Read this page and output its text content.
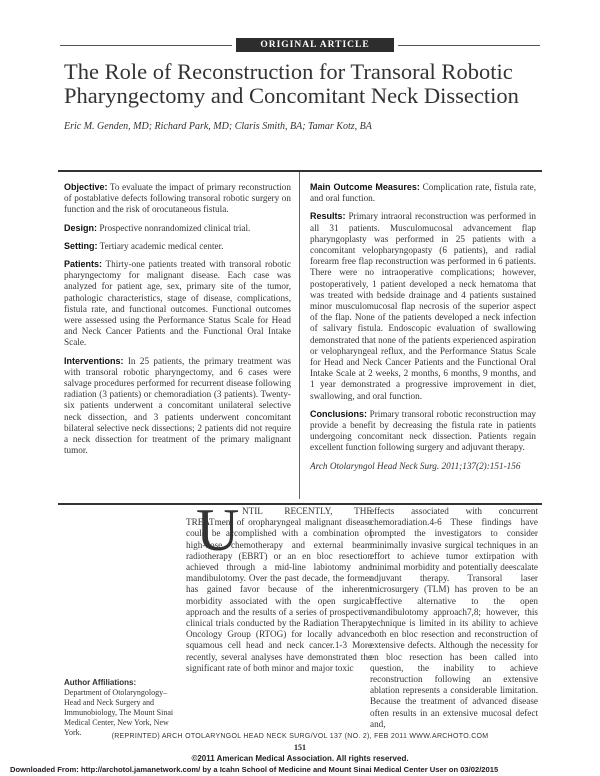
ORIGINAL ARTICLE
The Role of Reconstruction for Transoral Robotic Pharyngectomy and Concomitant Neck Dissection
Eric M. Genden, MD; Richard Park, MD; Claris Smith, BA; Tamar Kotz, BA

Objective: To evaluate the impact of primary reconstruction of postablative defects following transoral robotic surgery on function and the risk of orocutaneous fistula.

Design: Prospective nonrandomized clinical trial.

Setting: Tertiary academic medical center.

Patients: Thirty-one patients treated with transoral robotic pharyngectomy for malignant disease. Each case was analyzed for patient age, sex, primary site of the tumor, pathologic characteristics, stage of disease, complications, fistula rate, and functional outcomes. Functional outcomes were assessed using the Performance Status Scale for Head and Neck Cancer Patients and the Functional Oral Intake Scale.

Interventions: In 25 patients, the primary treatment was with transoral robotic pharyngectomy, and 6 cases were salvage procedures performed for recurrent disease following radiation (3 patients) or chemoradiation (3 patients). Twenty-six patients underwent a concomitant unilateral selective neck dissection, and 3 patients underwent concomitant bilateral selective neck dissections; 2 patients did not require a neck dissection for treatment of the primary malignant tumor.

Main Outcome Measures: Complication rate, fistula rate, and oral function.

Results: Primary intraoral reconstruction was performed in all 31 patients. Musculomucosal advancement flap pharyngoplasty was performed in 25 patients with a concomitant velopharyngopasty (6 patients), and radial forearm free flap reconstruction was performed in 6 patients. There were no intraoperative complications; however, postoperatively, 1 patient developed a neck hematoma that was treated with bedside drainage and 4 patients sustained minor musculomucosal flap necrosis of the superior aspect of the flap. None of the patients developed a neck infection of salivary fistula. Endoscopic evaluation of swallowing demonstrated that none of the patients experienced aspiration or velopharyngeal reflux, and the Performance Status Scale for Head and Neck Cancer Patients and the Functional Oral Intake Scale at 2 weeks, 2 months, 6 months, 9 months, and 1 year demonstrated a progressive improvement in diet, swallowing, and oral function.

Conclusions: Primary transoral robotic reconstruction may provide a benefit by decreasing the fistula rate in patients undergoing concomitant neck dissection. Patients regain excellent function following surgery and adjuvant therapy.

Arch Otolaryngol Head Neck Surg. 2011;137(2):151-156
U NTIL RECENTLY, THE TREATment of oropharyngeal malignant disease could be accomplished with a combination of high-dose chemotherapy and external beam radiotherapy (EBRT) or an en bloc resection achieved through a mid-line labiotomy and mandibulotomy. Over the past decade, the former has gained favor because of the inherent morbidity associated with the open surgical approach and the results of a series of prospective clinical trials conducted by the Radiation Therapy Oncology Group (RTOG) for locally advanced squamous cell head and neck cancer.1-3 More recently, several analyses have demonstrated the significant rate of both minor and major toxic
effects associated with concurrent chemoradiation.4-6 These findings have prompted the investigators to consider minimally invasive surgical techniques in an effort to achieve tumor extirpation with minimal morbidity and potentially deescalate adjuvant therapy. Transoral laser microsurgery (TLM) has proven to be an effective alternative to the open mandibulotomy approach7,8; however, this technique is limited in its ability to achieve both en bloc resection and reconstruction of extensive defects. Although the necessity for en bloc resection has been called into question, the inability to achieve reconstruction following an extensive ablation represents a considerable limitation. Because the treatment of advanced disease often results in an extensive mucosal defect and,
Author Affiliations:
Department of Otolaryngology–Head and Neck Surgery and Immunobiology, The Mount Sinai Medical Center, New York, New York.	(REPRINTED) ARCH OTOLARYNGOL HEAD NECK SURG/VOL 137 (NO. 2), FEB 2011 WWW.ARCHOTO.COM
151
©2011 American Medical Association. All rights reserved.
Downloaded From: http://archotol.jamanetwork.com/ by a Icahn School of Medicine and Mount Sinai Medical Center User on 03/02/2015
